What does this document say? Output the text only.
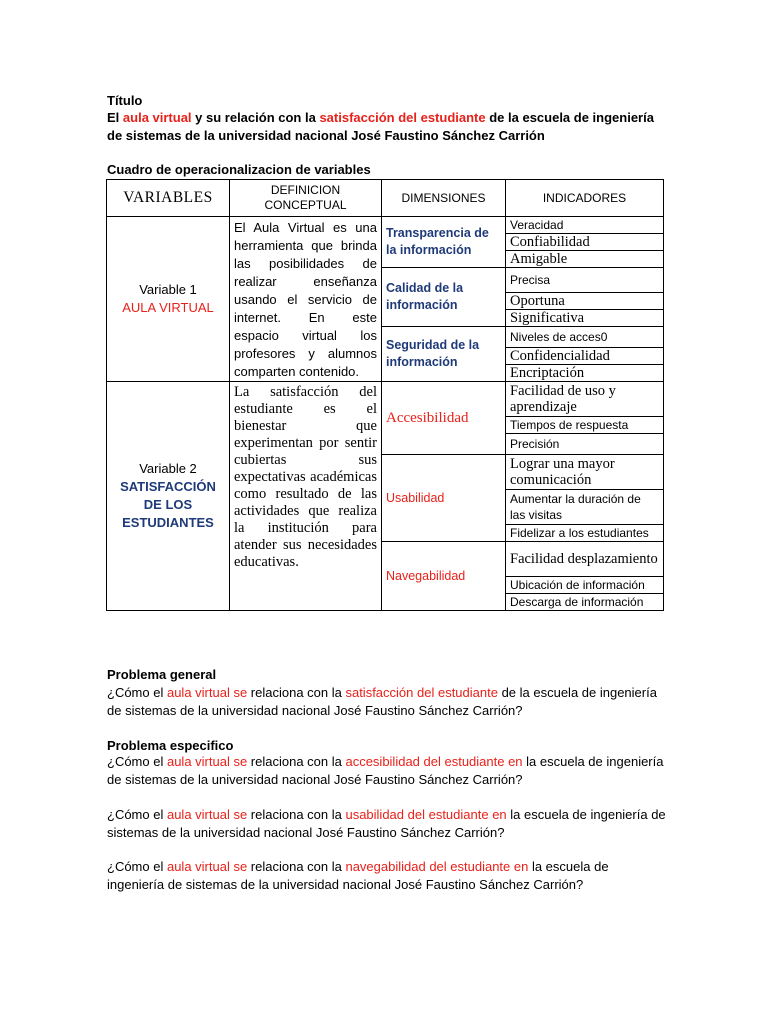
Título
El aula virtual y su relación con la satisfacción del estudiante de la escuela de ingeniería de sistemas de la universidad nacional José Faustino Sánchez Carrión
Cuadro de operacionalizacion de variables
VARIABLES	DEFINICION CONCEPTUAL	DIMENSIONES	INDICADORES

Variable 1
AULA VIRTUAL	El Aula Virtual es una herramienta que brinda las posibilidades de realizar enseñanza usando el servicio de internet. En este espacio virtual los profesores y alumnos comparten contenido.	Transparencia de la información	Veracidad
			Confiabilidad
			Amigable
		Calidad de la información	Precisa
			Oportuna
			Significativa
		Seguridad de la información	Niveles de acces0
			Confidencialidad
			Encriptación

Variable 2
SATISFACCIÓN DE LOS ESTUDIANTES	La satisfacción del estudiante es el bienestar que experimentan por sentir cubiertas sus expectativas académicas como resultado de las actividades que realiza la institución para atender sus necesidades educativas.	Accesibilidad	Facilidad de uso y aprendizaje
			Tiempos de respuesta
			Precisión
		Usabilidad	Lograr una mayor comunicación
			Aumentar la duración de las visitas
			Fidelizar a los estudiantes
		Navegabilidad	Facilidad desplazamiento
			Ubicación de información
			Descarga de información
Problema general
¿Cómo el aula virtual se relaciona con la satisfacción del estudiante de la escuela de ingeniería de sistemas de la universidad nacional José Faustino Sánchez Carrión?
Problema especifico
¿Cómo el aula virtual se relaciona con la accesibilidad del estudiante en la escuela de ingeniería de sistemas de la universidad nacional José Faustino Sánchez Carrión?
¿Cómo el aula virtual se relaciona con la usabilidad del estudiante en la escuela de ingeniería de sistemas de la universidad nacional José Faustino Sánchez Carrión?
¿Cómo el aula virtual se relaciona con la navegabilidad del estudiante en la escuela de ingeniería de sistemas de la universidad nacional José Faustino Sánchez Carrión?
